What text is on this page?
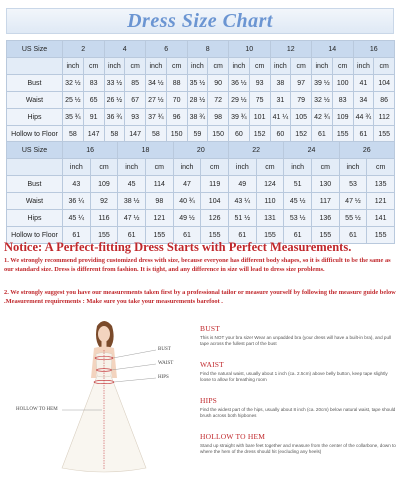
Dress Size Chart
US Size	2		4		6		8		10		12		14		16	
	inch	cm	inch	cm	inch	cm	inch	cm	inch	cm	inch	cm	inch	cm	inch	cm
Bust	32 ½	83	33 ½	85	34 ½	88	35 ½	90	36 ½	93	38	97	39 ½	100	41	104
Waist	25 ½	65	26 ½	67	27 ½	70	28 ½	72	29 ½	75	31	79	32 ½	83	34	86
Hips	35 ¾	91	36 ¾	93	37 ¾	96	38 ¾	98	39 ¾	101	41 ¼	105	42 ¾	109	44 ¾	112
Hollow to Floor	58	147	58	147	58	150	59	150	60	152	60	152	61	155	61	155
US Size	16		18		20		22		24		26	
	inch	cm	inch	cm	inch	cm	inch	cm	inch	cm	inch	cm
Bust	43	109	45	114	47	119	49	124	51	130	53	135
Waist	36 ¼	92	38 ½	98	40 ¾	104	43 ¼	110	45 ½	117	47 ½	121
Hips	45 ¼	116	47 ½	121	49 ½	126	51 ½	131	53 ½	136	55 ½	141
Hollow to Floor	61	155	61	155	61	155	61	155	61	155	61	155
Notice: A Perfect-fitting Dress Starts with Perfect Measurements.
1. We strongly recommend providing customized dress with size, because everyone has different body shapes, so it is difficult to be the same as our standard size. Dress is different from fashion. It is tight, and any difference in size will lead to dress size problems.
2. We strongly suggest you have our measurements taken first by a professional tailor or measure yourself by following the measure guide below .Measurement requirements : Make sure you take your measurements barefoot .
BUST
WAIST
HIPS
HOLLOW TO HEM
BUST
This is NOT your bra size! Wear an unpadded bra (your dress will have a built-in bra), and pull tape across the fullest part of the bust
WAIST
Find the natural waist, usually about 1 inch (ca. 2.5cm) above belly button, keep tape slightly loose to allow for breathing room
HIPS
Find the widest part of the hips, usually about 8 inch (ca. 20cm) below natural waist, tape should brush across both hipbones
HOLLOW TO HEM
Stand up straight with bare feet together and measure from the center of the collarbone, down to where the hem of the dress should hit (excluding any heels)
